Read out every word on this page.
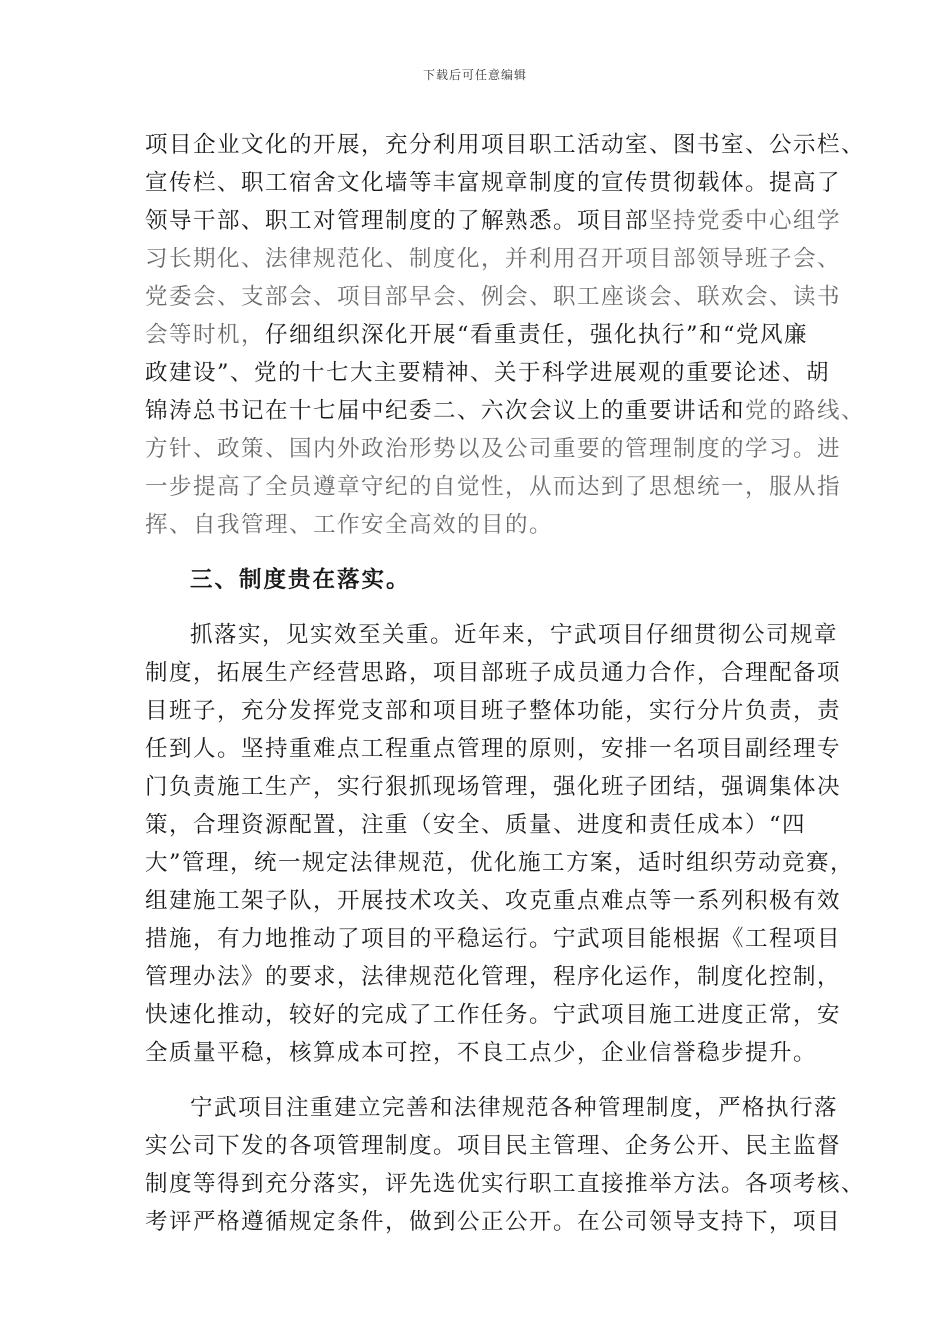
下载后可任意编辑
项目企业文化的开展，充分利用项目职工活动室、图书室、公示栏、
宣传栏、职工宿舍文化墙等丰富规章制度的宣传贯彻载体。提高了
领导干部、职工对管理制度的了解熟悉。项目部坚持党委中心组学
习长期化、法律规范化、制度化，并利用召开项目部领导班子会、
党委会、支部会、项目部早会、例会、职工座谈会、联欢会、读书
会等时机，仔细组织深化开展“看重责任，强化执行”和“党风廉
政建设”、党的十七大主要精神、关于科学进展观的重要论述、胡
锦涛总书记在十七届中纪委二、六次会议上的重要讲话和党的路线、
方针、政策、国内外政治形势以及公司重要的管理制度的学习。进
一步提高了全员遵章守纪的自觉性，从而达到了思想统一，服从指
挥、自我管理、工作安全高效的目的。
三、制度贵在落实。
抓落实，见实效至关重。近年来，宁武项目仔细贯彻公司规章
制度，拓展生产经营思路，项目部班子成员通力合作，合理配备项
目班子，充分发挥党支部和项目班子整体功能，实行分片负责，责
任到人。坚持重难点工程重点管理的原则，安排一名项目副经理专
门负责施工生产，实行狠抓现场管理，强化班子团结，强调集体决
策，合理资源配置，注重（安全、质量、进度和责任成本）“四
大”管理，统一规定法律规范，优化施工方案，适时组织劳动竞赛，
组建施工架子队，开展技术攻关、攻克重点难点等一系列积极有效
措施，有力地推动了项目的平稳运行。宁武项目能根据《工程项目
管理办法》的要求，法律规范化管理，程序化运作，制度化控制，
快速化推动，较好的完成了工作任务。宁武项目施工进度正常，安
全质量平稳，核算成本可控，不良工点少，企业信誉稳步提升。
宁武项目注重建立完善和法律规范各种管理制度，严格执行落
实公司下发的各项管理制度。项目民主管理、企务公开、民主监督
制度等得到充分落实，评先选优实行职工直接推举方法。各项考核、
考评严格遵循规定条件，做到公正公开。在公司领导支持下，项目
